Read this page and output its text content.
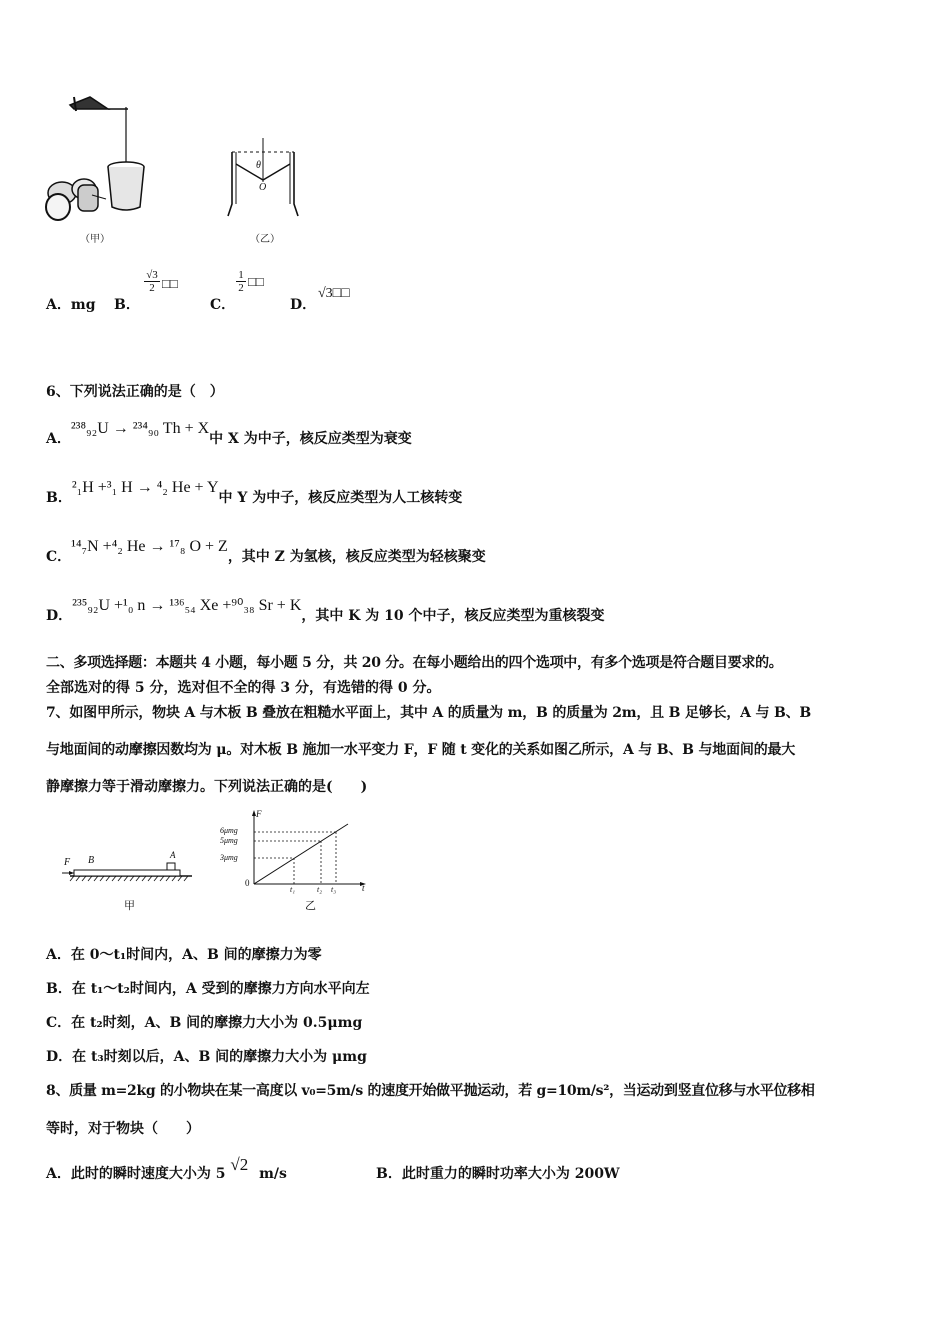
（甲）
θ
O
（乙）
A．mg B．
$\frac{√3}{2}$ □□
C．
$\frac{1}{2}$ □□
D．
√3□□
6、下列说法正确的是（　）
A．²³⁸₉₂U → ²³⁴₉₀ Th + X中 X 为中子，核反应类型为衰变
B．²₁H +³₁ H → ⁴₂ He + Y中 Y 为中子，核反应类型为人工核转变
C．¹⁴₇N +⁴₂ He → ¹⁷₈ O + Z，其中 Z 为氢核，核反应类型为轻核聚变
D．²³⁵₉₂U +¹₀ n → ¹³⁶₅₄ Xe +⁹⁰₃₈ Sr + K，其中 K 为 10 个中子，核反应类型为重核裂变
二、多项选择题：本题共 4 小题，每小题 5 分，共 20 分。在每小题给出的四个选项中，有多个选项是符合题目要求的。
全部选对的得 5 分，选对但不全的得 3 分，有选错的得 0 分。
7、如图甲所示，物块 A 与木板 B 叠放在粗糙水平面上，其中 A 的质量为 m，B 的质量为 2m，且 B 足够长，A 与 B、B
与地面间的动摩擦因数均为 μ。对木板 B 施加一水平变力 F，F 随 t 变化的关系如图乙所示，A 与 B、B 与地面间的最大
静摩擦力等于滑动摩擦力。下列说法正确的是(　　)
F B	A
甲
F
t
0
6μmg
5μmg
3μmg
t₁	t₂ t₃
乙
A．在 0～t₁时间内，A、B 间的摩擦力为零
B．在 t₁～t₂时间内，A 受到的摩擦力方向水平向左
C．在 t₂时刻，A、B 间的摩擦力大小为 0.5μmg
D．在 t₃时刻以后，A、B 间的摩擦力大小为 μmg
8、质量 m=2kg 的小物块在某一高度以 v₀=5m/s 的速度开始做平抛运动，若 g=10m/s²，当运动到竖直位移与水平位移相
等时，对于物块（　　）
A．此时的瞬时速度大小为 5 √2 m/s	B．此时重力的瞬时功率大小为 200W
